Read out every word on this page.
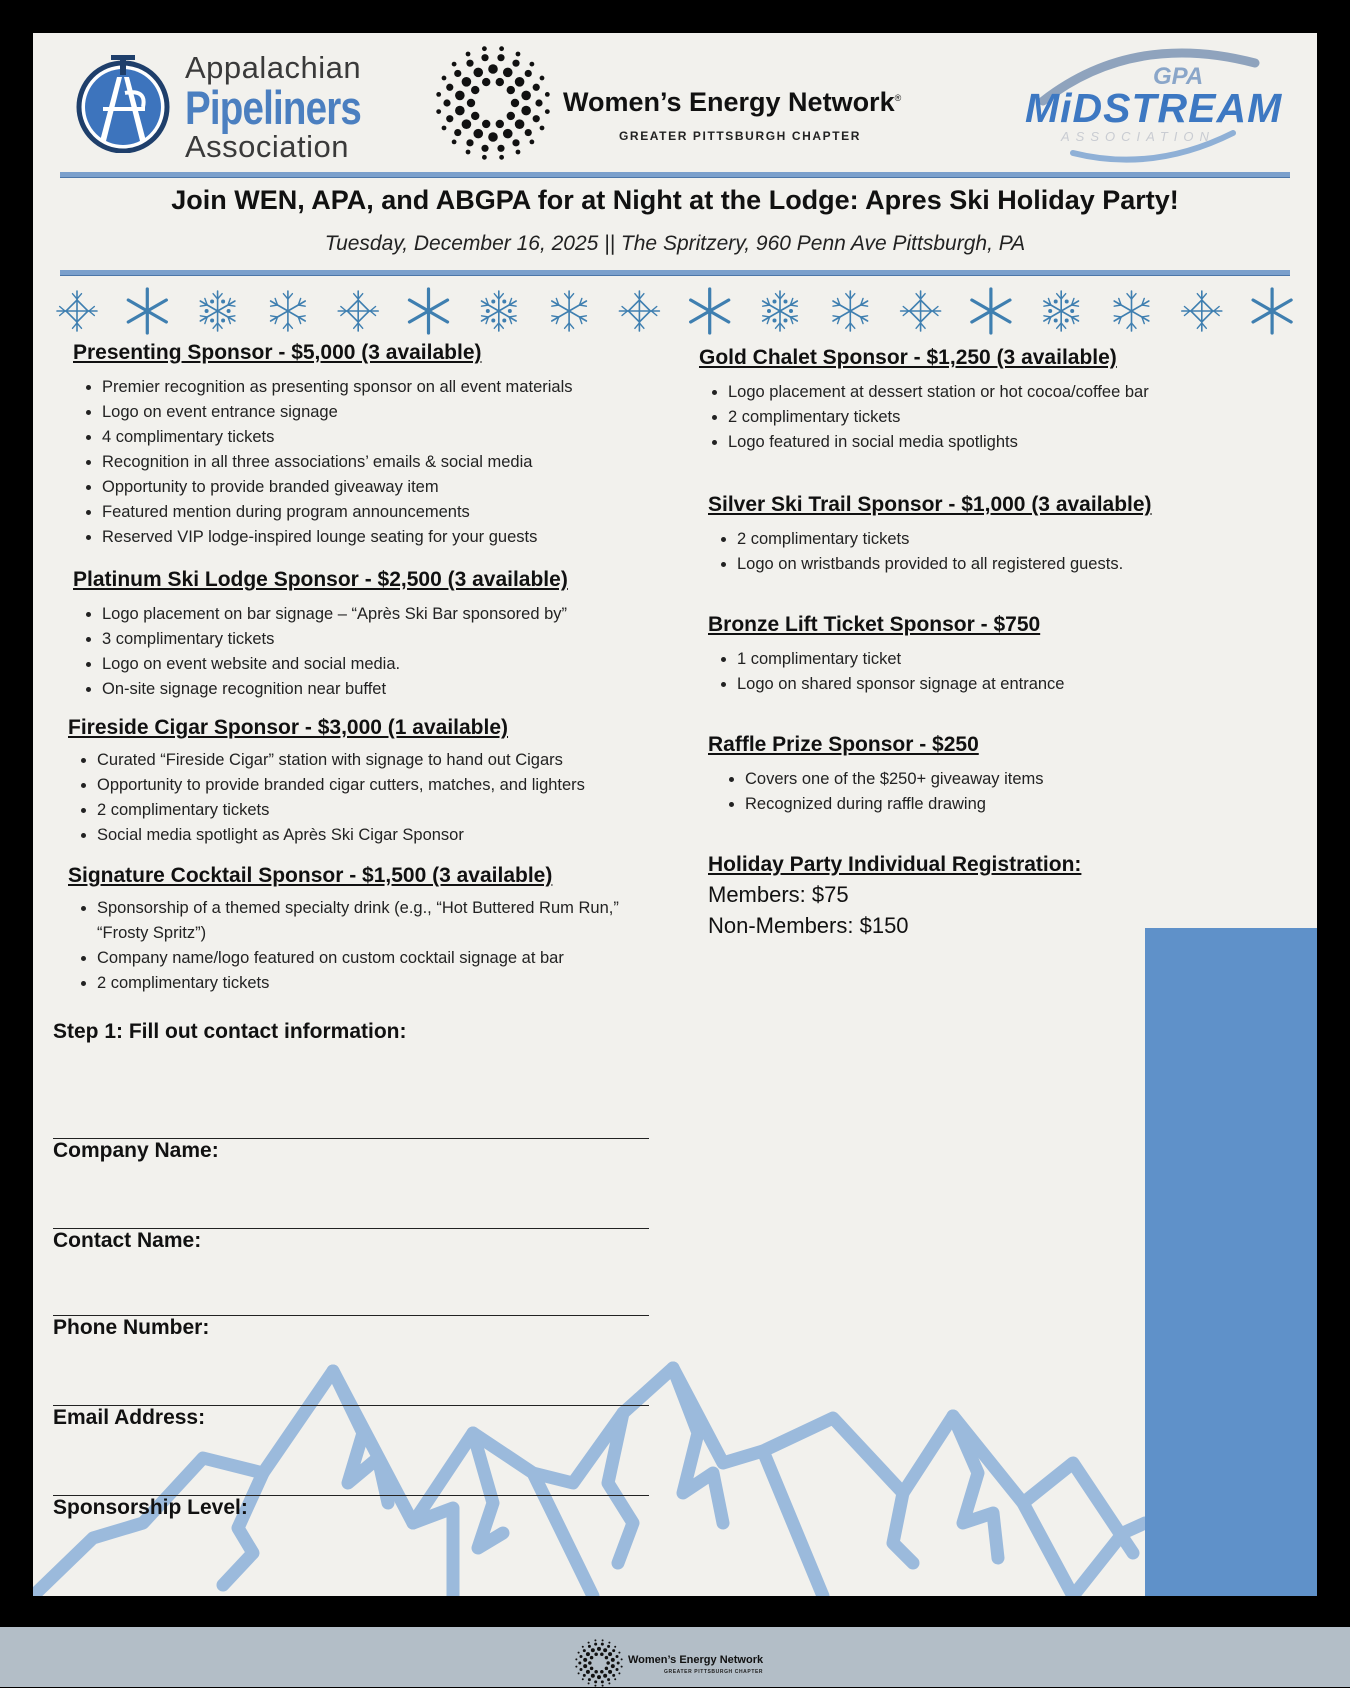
Appalachian
Pipeliners
Association
Women’s Energy Network®
GREATER PITTSBURGH CHAPTER
GPA
MiDSTREAM
ASSOCIATION
Join WEN, APA, and ABGPA for at Night at the Lodge: Apres Ski Holiday Party!
Tuesday, December 16, 2025 || The Spritzery, 960 Penn Ave Pittsburgh, PA

Presenting Sponsor - $5,000 (3 available)

• Premier recognition as presenting sponsor on all event materials
• Logo on event entrance signage
• 4 complimentary tickets
• Recognition in all three associations’ emails & social media
• Opportunity to provide branded giveaway item
• Featured mention during program announcements
• Reserved VIP lodge-inspired lounge seating for your guests

Platinum Ski Lodge Sponsor - $2,500 (3 available)

• Logo placement on bar signage – “Après Ski Bar sponsored by”
• 3 complimentary tickets
• Logo on event website and social media.
• On-site signage recognition near buffet

Fireside Cigar Sponsor - $3,000 (1 available)

• Curated “Fireside Cigar” station with signage to hand out Cigars
• Opportunity to provide branded cigar cutters, matches, and lighters
• 2 complimentary tickets
• Social media spotlight as Après Ski Cigar Sponsor

Signature Cocktail Sponsor - $1,500 (3 available)

• Sponsorship of a themed specialty drink (e.g., “Hot Buttered Rum Run,” “Frosty Spritz”)
• Company name/logo featured on custom cocktail signage at bar
• 2 complimentary tickets

Gold Chalet Sponsor - $1,250 (3 available)

• Logo placement at dessert station or hot cocoa/coffee bar
• 2 complimentary tickets
• Logo featured in social media spotlights

Silver Ski Trail Sponsor - $1,000 (3 available)

• 2 complimentary tickets
• Logo on wristbands provided to all registered guests.

Bronze Lift Ticket Sponsor - $750

• 1 complimentary ticket
• Logo on shared sponsor signage at entrance

Raffle Prize Sponsor - $250

• Covers one of the $250+ giveaway items
• Recognized during raffle drawing
Holiday Party Individual Registration:
Members: $75
Non-Members: $150
Step 1: Fill out contact information:
Company Name:
Contact Name:
Phone Number:
Email Address:
Sponsorship Level:
Women’s Energy Network
GREATER PITTSBURGH CHAPTER
